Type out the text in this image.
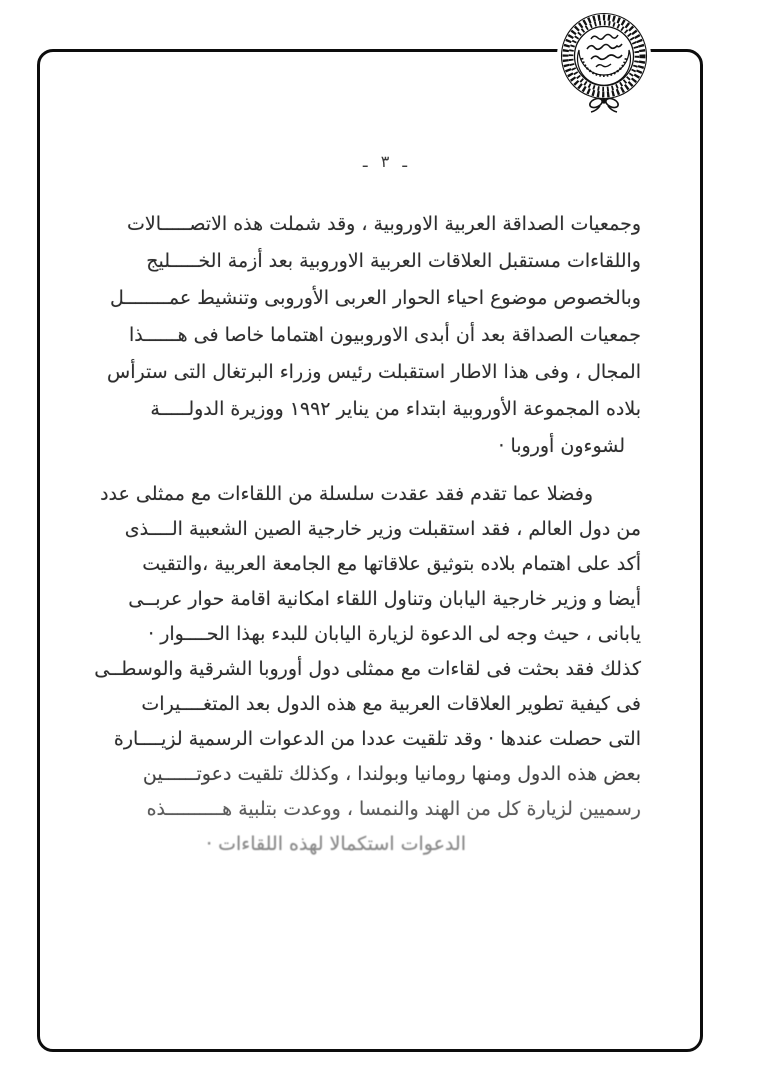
ـ ٣ ـ
وجمعيات الصداقة العربية الاوروبية ، وقد شملت هذه الاتصـــــالات
واللقاءات مستقبل العلاقات العربية الاوروبية بعد أزمة الخـــــليج
وبالخصوص موضوع احياء الحوار العربى الأوروبى وتنشيط عمــــــــل
جمعيات الصداقة بعد أن أبدى الاوروبيون اهتماما خاصا فى هــــــذا
المجال ، وفى هذا الاطار استقبلت رئيس وزراء البرتغال التى سترأس
بلاده المجموعة الأوروبية ابتداء من يناير ١٩٩٢ ووزيرة الدولـــــة
لشوءون أوروبا ·
وفضلا عما تقدم فقد عقدت سلسلة من اللقاءات مع ممثلى عدد
من دول العالم ، فقد استقبلت وزير خارجية الصين الشعبية الــــذى
أكد على اهتمام بلاده بتوثيق علاقاتها مع الجامعة العربية ،والتقيت
أيضا و وزير خارجية اليابان وتناول اللقاء امكانية اقامة حوار عربــى
يابانى ، حيث وجه لى الدعوة لزيارة اليابان للبدء بهذا الحــــوار ·
كذلك فقد بحثت فى لقاءات مع ممثلى دول أوروبا الشرقية والوسطــى
فى كيفية تطوير العلاقات العربية مع هذه الدول بعد المتغــــيرات
التى حصلت عندها · وقد تلقيت عددا من الدعوات الرسمية لزيــــارة
بعض هذه الدول ومنها رومانيا وبولندا ، وكذلك تلقيت دعوتــــــين
رسميين لزيارة كل من الهند والنمسا ، ووعدت بتلبية هــــــــــذه
الدعوات استكمالا لهذه اللقاءات ·
